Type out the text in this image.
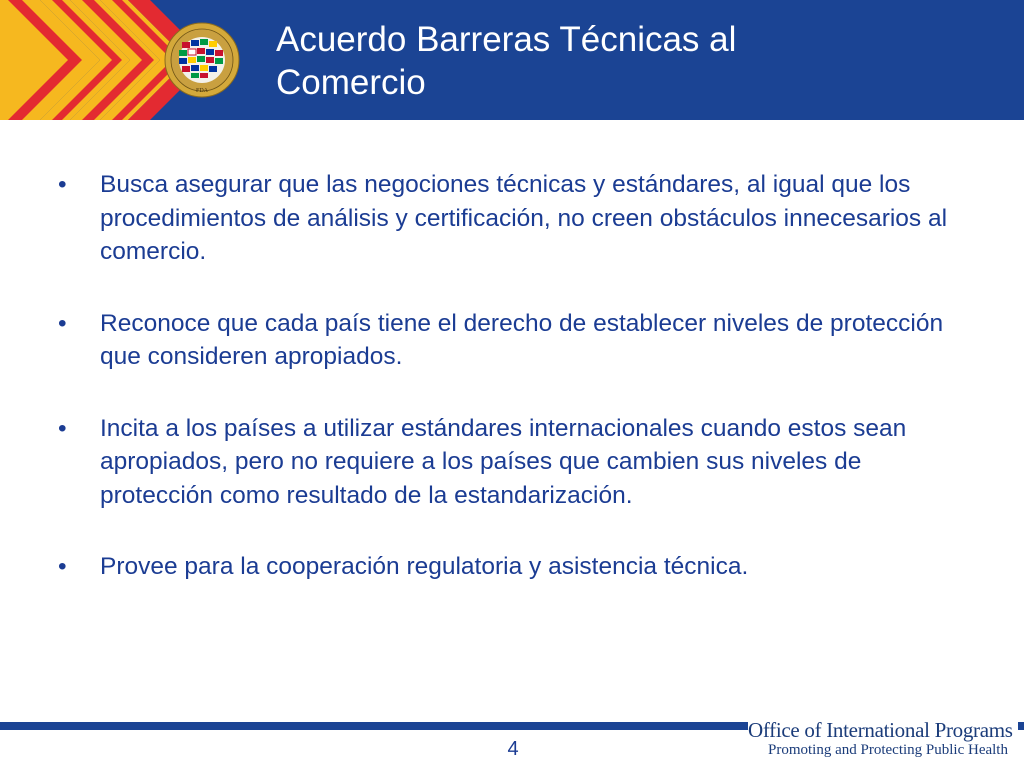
FDA
Acuerdo Barreras Técnicas al
Comercio
•	Busca asegurar que las negociones técnicas y estándares, al igual que los procedimientos de análisis y certificación, no creen obstáculos innecesarios al comercio.
•	Reconoce que cada país tiene el derecho de establecer niveles de protección que consideren apropiados.
•	Incita a los países a utilizar estándares internacionales cuando estos sean apropiados, pero no requiere a los países que cambien sus niveles de protección como resultado de la estandarización.
•	Provee para la cooperación regulatoria y asistencia técnica.
Office of International Programs
Promoting and Protecting Public Health
4
